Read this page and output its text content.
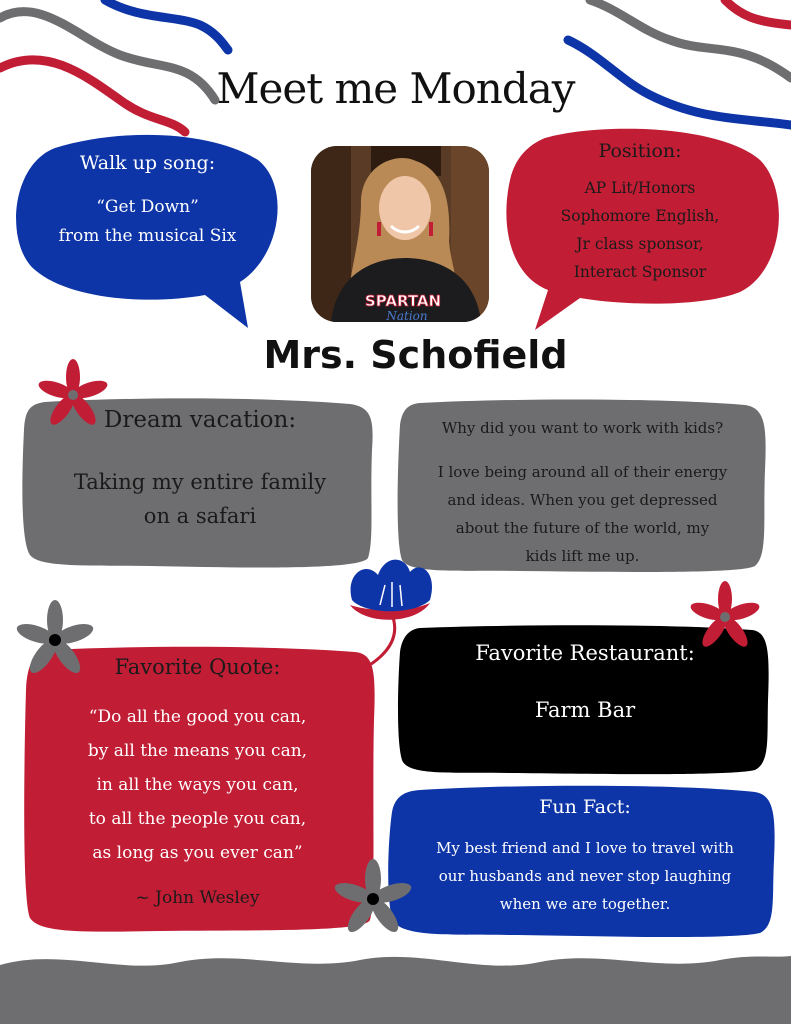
Meet me Monday
Walk up song:
“Get Down”
from the musical Six
SPARTAN
Nation
Position:
AP Lit/Honors
Sophomore English,
Jr class sponsor,
Interact Sponsor
Mrs. Schofield
Dream vacation:
Taking my entire family
on a safari
Why did you want to work with kids?
I love being around all of their energy
and ideas. When you get depressed
about the future of the world, my
kids lift me up.
Favorite Quote:
“Do all the good you can,
by all the means you can,
in all the ways you can,
to all the people you can,
as long as you ever can”
~ John Wesley
Favorite Restaurant:
Farm Bar
Fun Fact:
My best friend and I love to travel with
our husbands and never stop laughing
when we are together.
